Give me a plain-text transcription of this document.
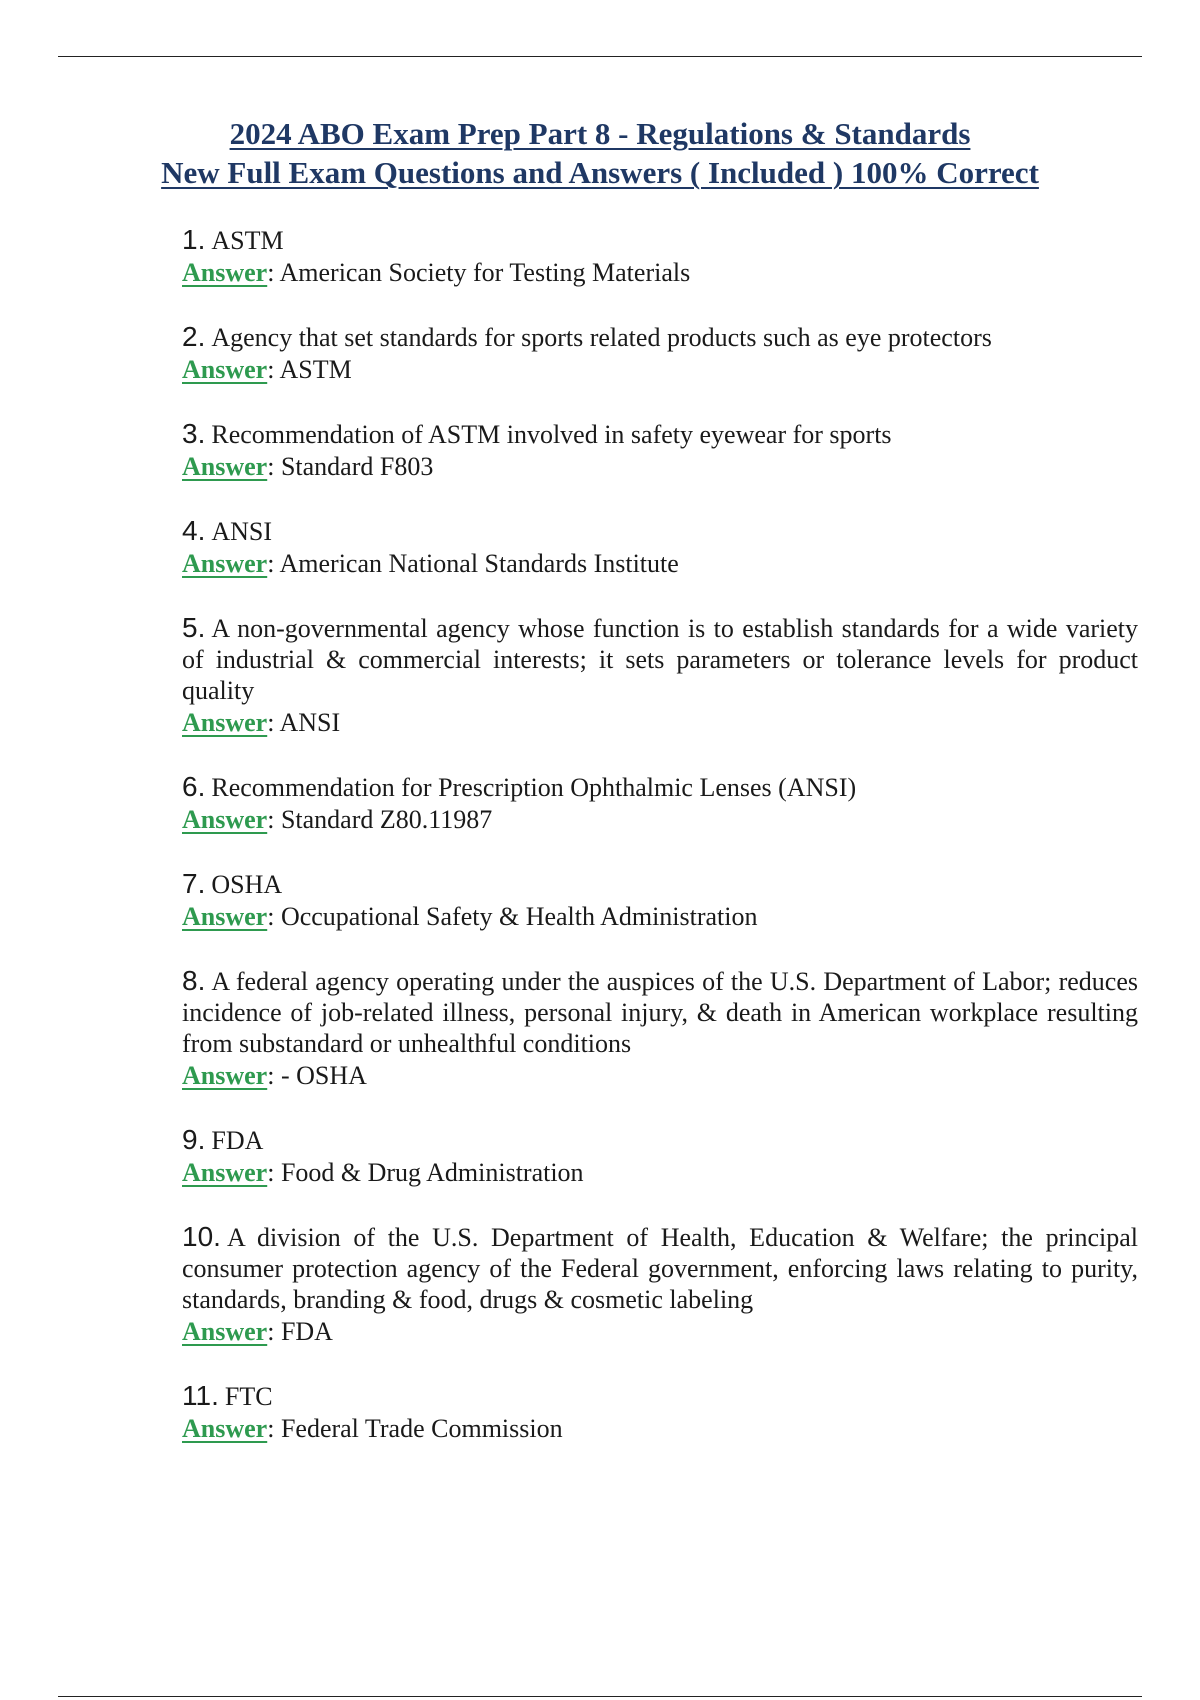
2024 ABO Exam Prep Part 8 - Regulations & Standards
New Full Exam Questions and Answers ( Included ) 100% Correct
1. ASTM
Answer: American Society for Testing Materials
2. Agency that set standards for sports related products such as eye protectors
Answer: ASTM
3. Recommendation of ASTM involved in safety eyewear for sports
Answer: Standard F803
4. ANSI
Answer: American National Standards Institute
5. A non-governmental agency whose function is to establish standards for a wide variety of industrial & commercial interests; it sets parameters or tolerance levels for product quality
Answer: ANSI
6. Recommendation for Prescription Ophthalmic Lenses (ANSI)
Answer: Standard Z80.11987
7. OSHA
Answer: Occupational Safety & Health Administration
8. A federal agency operating under the auspices of the U.S. Department of Labor; reduces incidence of job-related illness, personal injury, & death in American workplace resulting from substandard or unhealthful conditions
Answer: - OSHA
9. FDA
Answer: Food & Drug Administration
10. A division of the U.S. Department of Health, Education & Welfare; the principal consumer protection agency of the Federal government, enforcing laws relating to purity, standards, branding & food, drugs & cosmetic labeling
Answer: FDA
11. FTC
Answer: Federal Trade Commission
